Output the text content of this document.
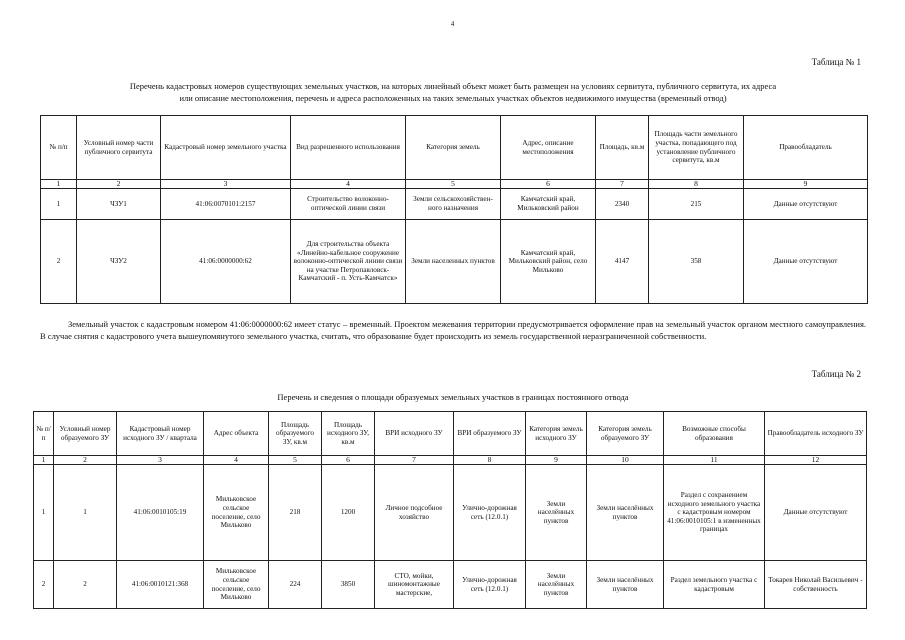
4
Таблица № 1
Перечень кадастровых номеров существующих земельных участков, на которых линейный объект может быть размещен на условиях сервитута, публичного сервитута, их адреса
или описание местоположения, перечень и адреса расположенных на таких земельных участках объектов недвижимого имущества (временный отвод)
№ п/п	Условный номер части публичного сервитута	Кадастровый номер земельного участка	Вид разрешенного использования	Категория земель	Адрес, описание местоположения	Площадь, кв.м	Площадь части земельного участка, попадающего под установление публичного сервитута, кв.м	Правообладатель
1	2	3	4	5	6	7	8	9
1	ЧЗУ1	41:06:0070101:2157	Строительство волоконно-оптической линии связи	Земли сельскохозяйствен-ного назначения	Камчатский край, Мильковский район	2340	215	Данные отсутствуют
2	ЧЗУ2	41:06:0000000:62	Для строительства объекта «Линейно-кабельное сооружение волоконно-оптической линии связи на участке Петропавловск-Камчатский - п. Усть-Камчатск»	Земли населенных пунктов	Камчатский край, Мильковский район, село Мильково	4147	358	Данные отсутствуют
Земельный участок с кадастровым номером 41:06:0000000:62 имеет статус – временный. Проектом межевания территории предусмотривается оформление прав на земельный участок органом местного самоуправления. В случае снятия с кадастрового учета вышеупомянутого земельного участка, считать, что образование будет происходить из земель государственной неразграниченной собственности.
Таблица № 2
Перечень и сведения о площади образуемых земельных участков в границах постоянного отвода
№ п/п	Условный номер образуемого ЗУ	Кадастровый номер исходного ЗУ / квартала	Адрес объекта	Площадь образуемого ЗУ, кв.м	Площадь исходного ЗУ, кв.м	ВРИ исходного ЗУ	ВРИ образуемого ЗУ	Категория земель исходного ЗУ	Категория земель образуемого ЗУ	Возможные способы образования	Правообладатель исходного ЗУ
1	2	3	4	5	6	7	8	9	10	11	12
1	1	41:06:0010105:19	Мильковское сельское поселение, село Мильково	218	1200	Личное подсобное хозяйство	Улично-дорожная сеть (12.0.1)	Земли населённых пунктов	Земли населённых пунктов	Раздел с сохранением исходного земельного участка с кадастровым номером 41:06:0010105:1 в измененных границах	Данные отсутствуют
2	2	41:06:0010121:368	Мильковское сельское поселение, село Мильково	224	3850	СТО, мойки, шиномонтажные мастерские,	Улично-дорожная сеть (12.0.1)	Земли населённых пунктов	Земли населённых пунктов	Раздел земельного участка с кадастровым	Токарев Николай Васильевич - собственность
